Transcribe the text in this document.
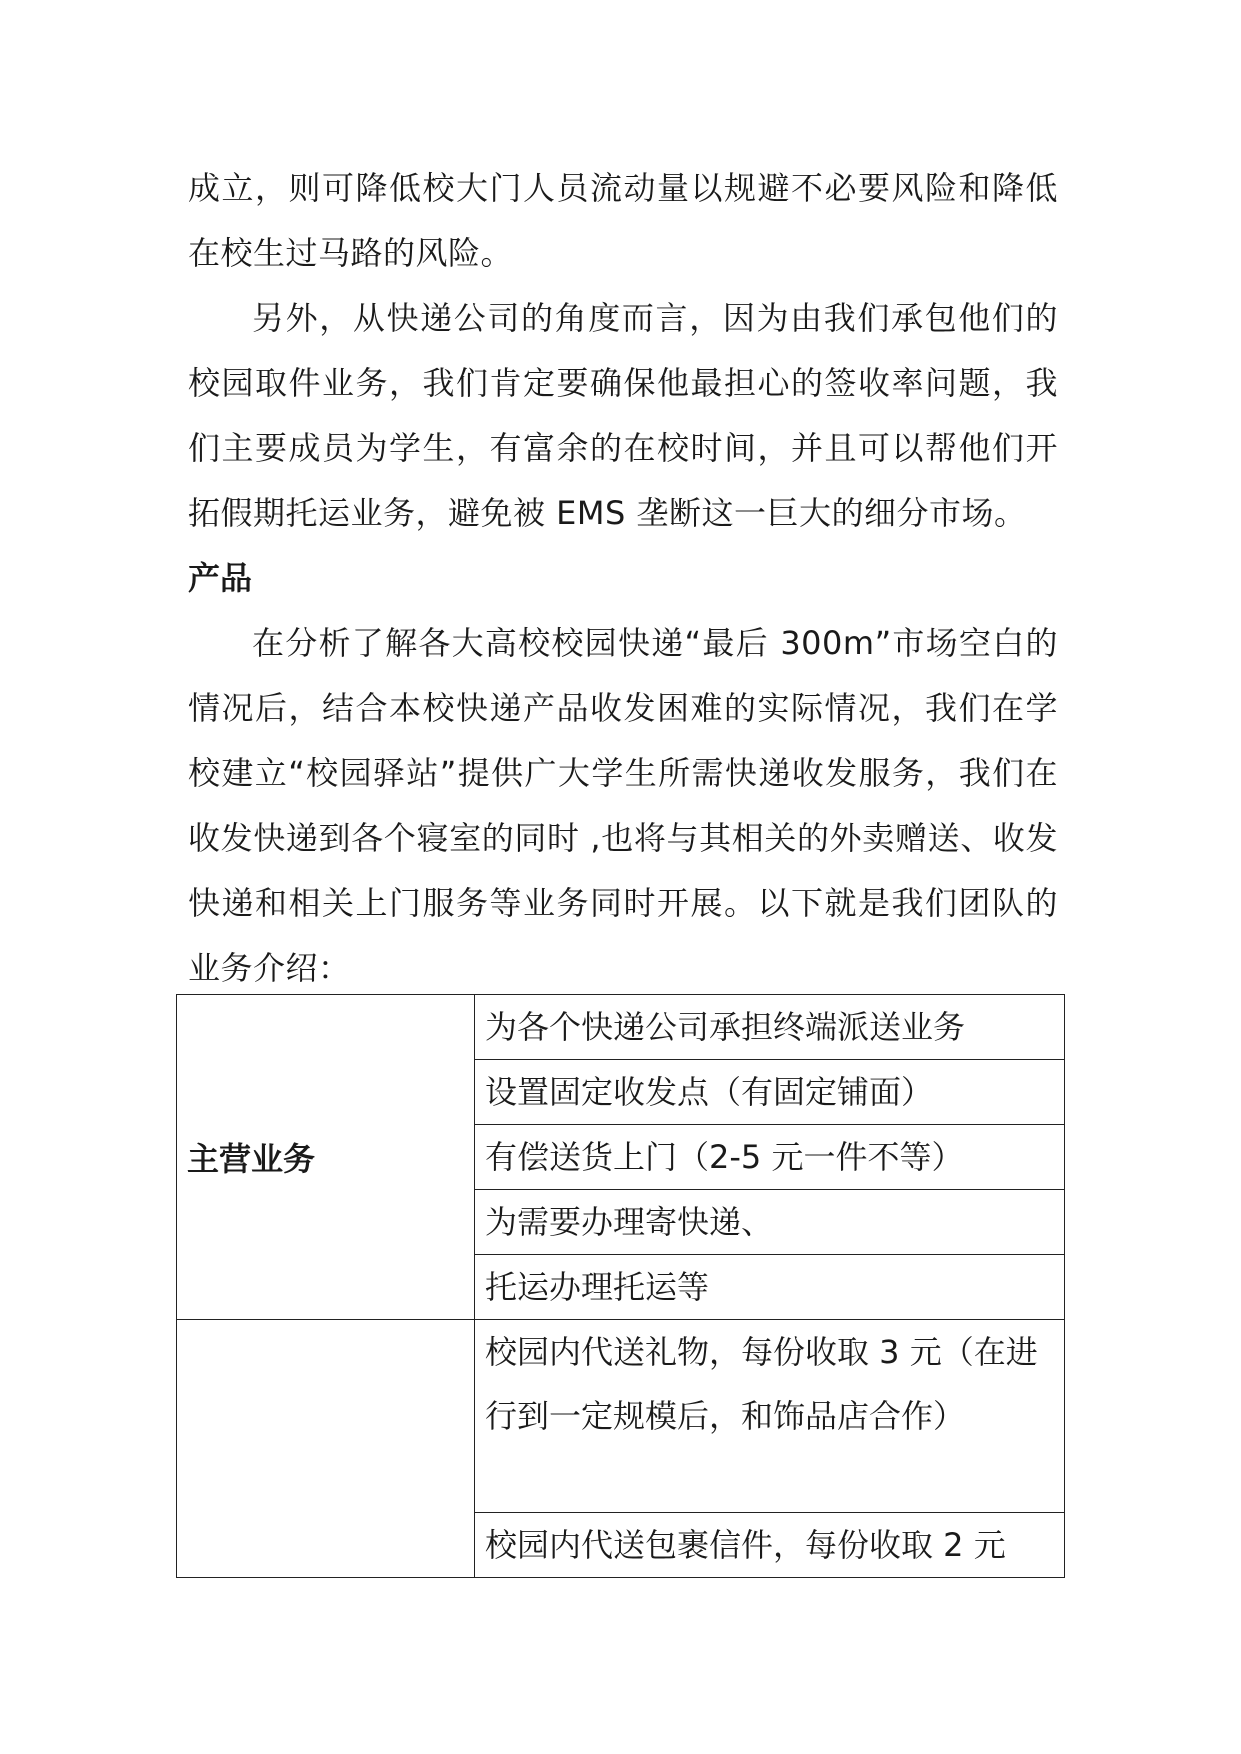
成立，则可降低校大门人员流动量以规避不必要风险和降低在校生过马路的风险。

另外，从快递公司的角度而言，因为由我们承包他们的校园取件业务，我们肯定要确保他最担心的签收率问题，我们主要成员为学生，有富余的在校时间，并且可以帮他们开拓假期托运业务，避免被 EMS 垄断这一巨大的细分市场。

产品

在分析了解各大高校校园快递“最后 300m”市场空白的情况后，结合本校快递产品收发困难的实际情况，我们在学校建立“校园驿站”提供广大学生所需快递收发服务，我们在收发快递到各个寝室的同时 ,也将与其相关的外卖赠送、收发快递和相关上门服务等业务同时开展。以下就是我们团队的业务介绍：

主营业务	为各个快递公司承担终端派送业务
	设置固定收发点（有固定铺面）
	有偿送货上门（2-5 元一件不等）
	为需要办理寄快递、
	托运办理托运等
	校园内代送礼物，每份收取 3 元（在进行到一定规模后，和饰品店合作）
	校园内代送包裹信件，每份收取 2 元
